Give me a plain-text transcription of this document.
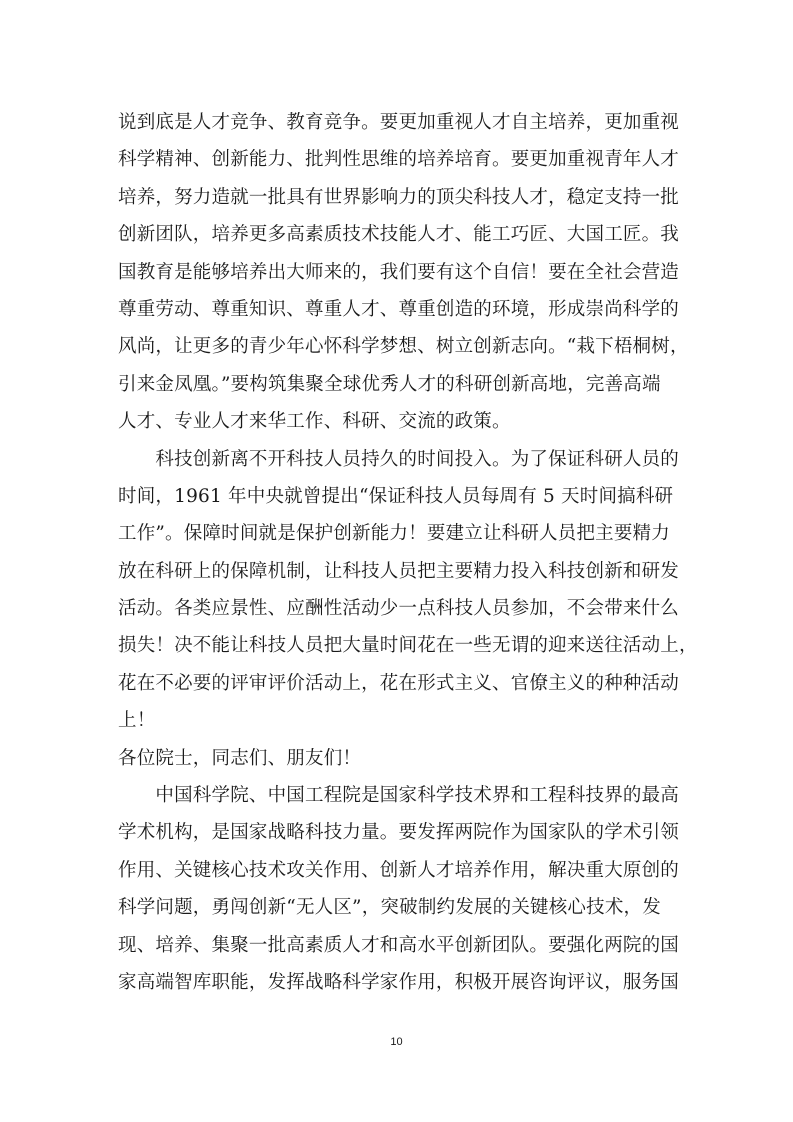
说到底是人才竞争、教育竞争。要更加重视人才自主培养，更加重视
科学精神、创新能力、批判性思维的培养培育。要更加重视青年人才
培养，努力造就一批具有世界影响力的顶尖科技人才，稳定支持一批
创新团队，培养更多高素质技术技能人才、能工巧匠、大国工匠。我
国教育是能够培养出大师来的，我们要有这个自信！要在全社会营造
尊重劳动、尊重知识、尊重人才、尊重创造的环境，形成崇尚科学的
风尚，让更多的青少年心怀科学梦想、树立创新志向。“栽下梧桐树，
引来金凤凰。”要构筑集聚全球优秀人才的科研创新高地，完善高端
人才、专业人才来华工作、科研、交流的政策。
　　科技创新离不开科技人员持久的时间投入。为了保证科研人员的
时间，1961 年中央就曾提出“保证科技人员每周有 5 天时间搞科研
工作”。保障时间就是保护创新能力！要建立让科研人员把主要精力
放在科研上的保障机制，让科技人员把主要精力投入科技创新和研发
活动。各类应景性、应酬性活动少一点科技人员参加，不会带来什么
损失！决不能让科技人员把大量时间花在一些无谓的迎来送往活动上，
花在不必要的评审评价活动上，花在形式主义、官僚主义的种种活动
上！
各位院士，同志们、朋友们！
　　中国科学院、中国工程院是国家科学技术界和工程科技界的最高
学术机构，是国家战略科技力量。要发挥两院作为国家队的学术引领
作用、关键核心技术攻关作用、创新人才培养作用，解决重大原创的
科学问题，勇闯创新“无人区”，突破制约发展的关键核心技术，发
现、培养、集聚一批高素质人才和高水平创新团队。要强化两院的国
家高端智库职能，发挥战略科学家作用，积极开展咨询评议，服务国
10
